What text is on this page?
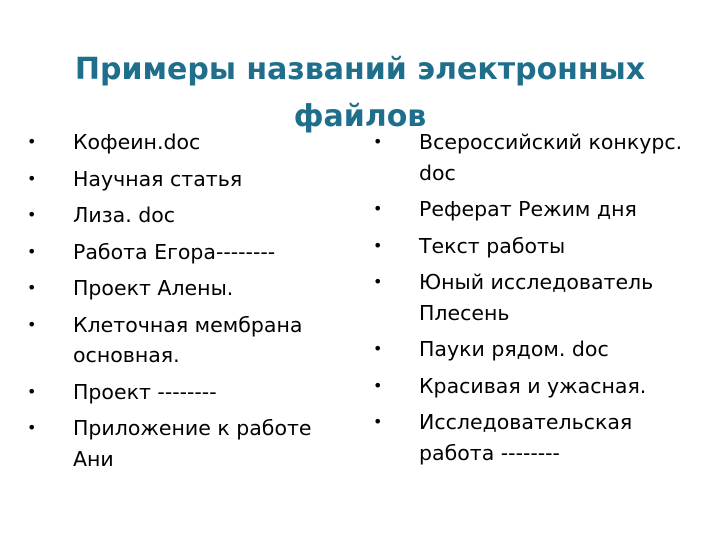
Примеры названий электронных
файлов
• Кофеин.doc
• Научная статья
• Лиза. doc
• Работа Егора--------
• Проект Алены.
• Клеточная мембрана основная.
• Проект --------
• Приложение к работе Ани
• Всероссийский конкурс. doc
• Реферат Режим дня
• Текст работы
• Юный исследователь Плесень
• Пауки рядом. doc
• Красивая и ужасная.
• Исследовательская работа --------
